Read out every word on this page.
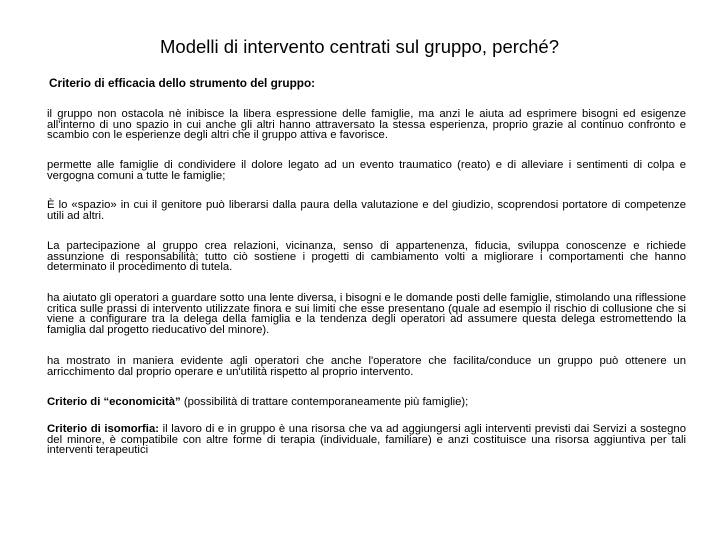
Modelli di intervento centrati sul gruppo, perché?
Criterio di efficacia dello strumento del gruppo:
il gruppo non ostacola nè inibisce la libera espressione delle famiglie, ma anzi le aiuta ad esprimere bisogni ed esigenze all'interno di uno spazio in cui anche gli altri hanno attraversato la stessa esperienza, proprio grazie al continuo confronto e scambio con le esperienze degli altri che il gruppo attiva e favorisce.
permette alle famiglie di condividere il dolore legato ad un evento traumatico (reato) e di alleviare i sentimenti di colpa e vergogna comuni a tutte le famiglie;
È lo «spazio» in cui il genitore può liberarsi dalla paura della valutazione e del giudizio, scoprendosi portatore di competenze utili ad altri.
La partecipazione al gruppo crea relazioni, vicinanza, senso di appartenenza, fiducia, sviluppa conoscenze e richiede assunzione di responsabilità; tutto ciò sostiene i progetti di cambiamento volti a migliorare i comportamenti che hanno determinato il procedimento di tutela.
ha aiutato gli operatori a guardare sotto una lente diversa, i bisogni e le domande posti delle famiglie, stimolando una riflessione critica sulle prassi di intervento utilizzate finora e sui limiti che esse presentano (quale ad esempio il rischio di collusione che si viene a configurare tra la delega della famiglia e la tendenza degli operatori ad assumere questa delega estromettendo la famiglia dal progetto rieducativo del minore).
ha mostrato in maniera evidente agli operatori che anche l'operatore che facilita/conduce un gruppo può ottenere un arricchimento dal proprio operare e un'utilità rispetto al proprio intervento.
Criterio di “economicità” (possibilità di trattare contemporaneamente più famiglie);
Criterio di isomorfia: il lavoro di e in gruppo è una risorsa che va ad aggiungersi agli interventi previsti dai Servizi a sostegno del minore, è compatibile con altre forme di terapia (individuale, familiare) e anzi costituisce una risorsa aggiuntiva per tali interventi terapeutici
